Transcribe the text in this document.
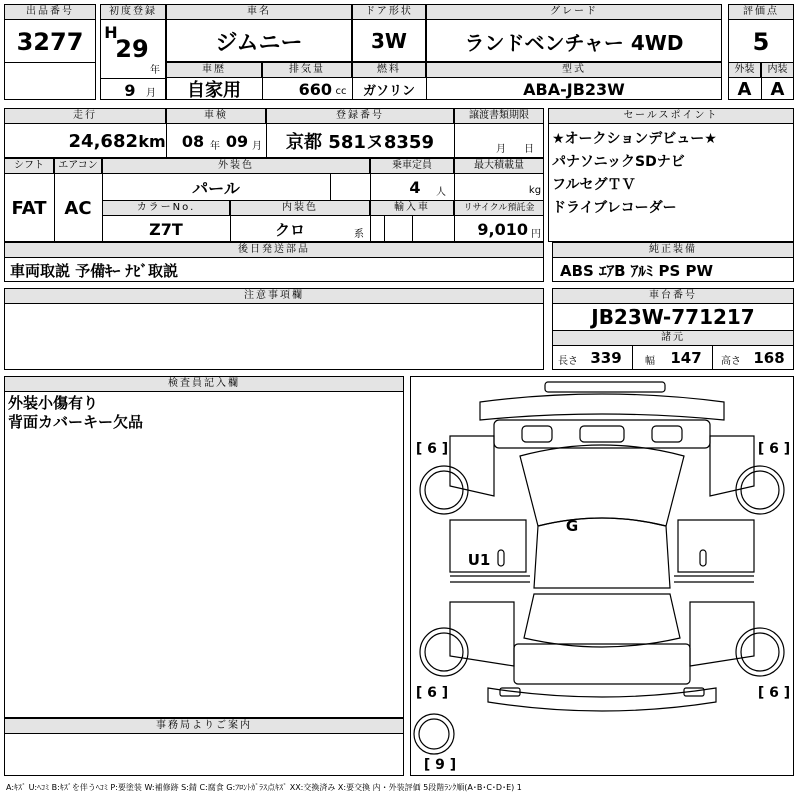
出品番号
3277
初度登録
H
29
年
9	月
車名
ジムニー
ドア形状
3W
グレード
ランドベンチャー 4WD
評価点
5
外装	内装
A	A
車歴
自家用
排気量
660 cc
燃料
ガソリン
型式
ABA-JB23W
走行
24,682 km
車検
08 年 09 月
登録番号
京都 581ヌ8359
譲渡書類期限
月 日
セールスポイント
★オークションデビュー★
パナソニックSDナビ
フルセグＴＶ
ドライブレコーダー
シフト	エアコン
FAT AC
外装色
パール
乗車定員
4	人
最大積載量
kg
カラーNo.	内装色	輸入車	リサイクル預託金
Z7T	クロ	系	9,010 円
後日発送部品
車両取説 予備ｷｰ ﾅﾋﾞ取説
純正装備
ABS ｴｱB ｱﾙﾐ PS PW
注意事項欄	車台番号
JB23W-771217
諸元
長さ 339	幅	147	高さ 168
検査員記入欄
外装小傷有り
背面カバーキー欠品
事務局よりご案内
[ 6 ]	[ 6 ]
[ 6 ]	[ 6 ]
[ 9 ]
G
U1
A:ｷｽﾞ U:ﾍｺﾐ B:ｷｽﾞを伴うﾍｺﾐ P:要塗装 W:補修跡 S:錆 C:腐食 G:ﾌﾛﾝﾄｶﾞﾗｽ点ｷｽﾞ XX:交換済み X:要交換 内・外装評価 5段階ﾗﾝｸ順(A･B･C･D･E) 1
